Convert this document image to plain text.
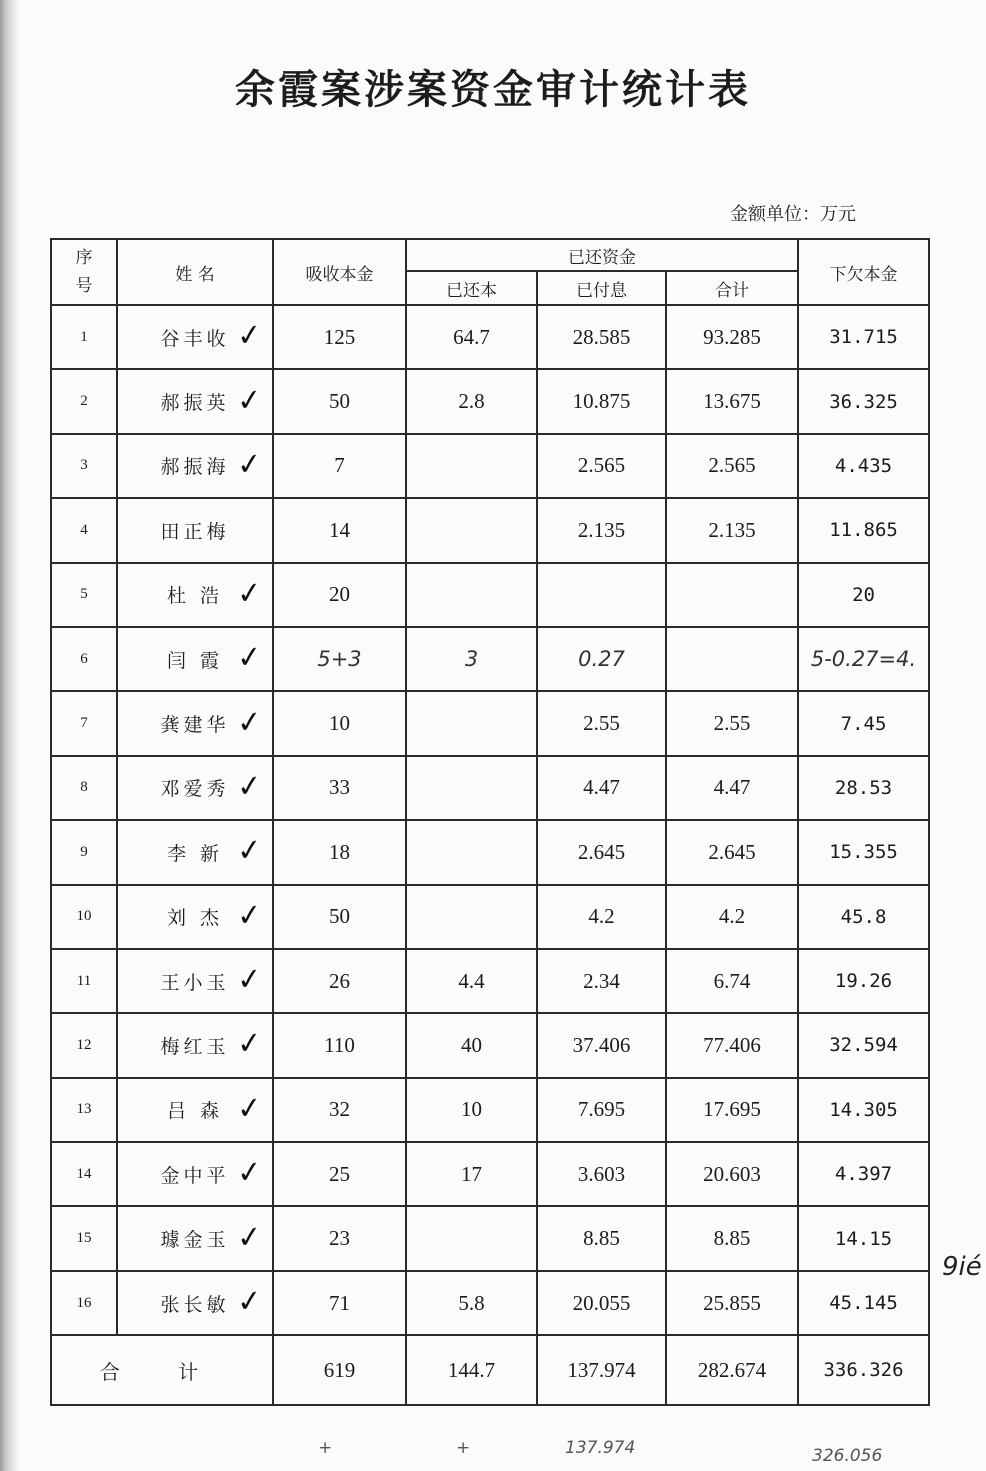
余霞案涉案资金审计统计表
金额单位：万元
序
号	姓 名	吸收本金	已还资金			下欠本金
			已还本	已付息	合计	
1	谷丰收 ✓	125	64.7	28.585	93.285	31.715
2	郝振英 ✓	50	2.8	10.875	13.675	36.325
3	郝振海 ✓	7		2.565	2.565	4.435
4	田正梅	14		2.135	2.135	11.865
5	杜 浩 ✓	20				20
6	闫 霞 ✓	5+3	3	0.27		5-0.27=4.
7	龚建华 ✓	10		2.55	2.55	7.45
8	邓爱秀 ✓	33		4.47	4.47	28.53
9	李 新 ✓	18		2.645	2.645	15.355
10	刘 杰 ✓	50		4.2	4.2	45.8
11	王小玉 ✓	26	4.4	2.34	6.74	19.26
12	梅红玉 ✓	110	40	37.406	77.406	32.594
13	吕 森 ✓	32	10	7.695	17.695	14.305
14	金中平 ✓	25	17	3.603	20.603	4.397
15	璩金玉 ✓	23		8.85	8.85	14.15
16	张长敏 ✓	71	5.8	20.055	25.855	45.145
合 计		619	144.7	137.974	282.674	336.326
+	+	137.974	326.056
9ié
